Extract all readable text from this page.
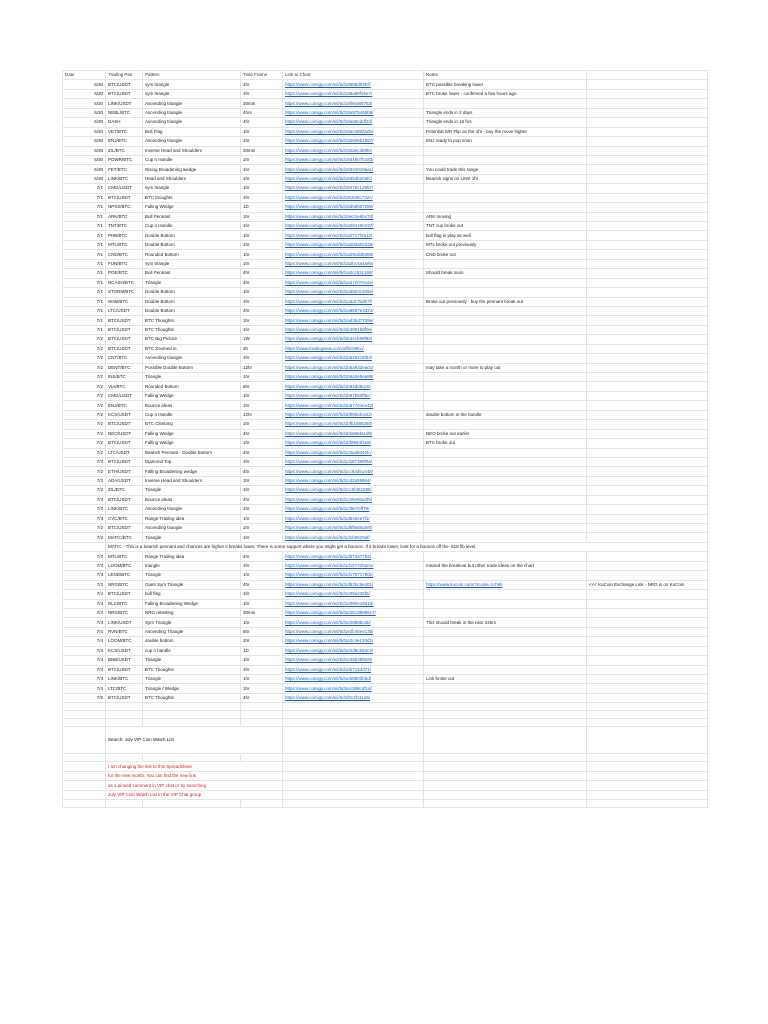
Date	Trading Pair	Pattern	Time Frame	Link to Chart	Notes	
6/30	BTC/USDT	sym triangle	1hr	https://www.coinigy.com/s/i/5d18686d03fcf/	BTC possible breaking lower	
6/30	BTC/USDT	sym triangle	1hr	https://www.coinigy.com/s/i/5d188a88f36e7/	BTC broke lower - confirmed a few hours ago	
6/30	LINK/USDT	Ascending triangle	30min	https://www.coinigy.com/s/i/5d18f90a68753/		
6/30	NEBL/BTC	Ascending triangle	4hrs	https://www.coinigy.com/s/i/5d18a97546bb8/	Triangle ends in 2 days	
6/30	DASH	Ascending triangle	4hr	https://www.coinigy.com/s/i/5d18aa6eddf2d/	Triangle ends in 16 hrs	
6/30	VET/BTC	Bull Flag	1hr	https://www.coinigy.com/s/i/5d18ac5982ade/	Potential S/R Flip on the 1hr - buy the move higher	
6/30	ENJ/BTC	Ascending triangle	1hr	https://www.coinigy.com/s/i/5d192606b1887/	ENJ ready to pop soon	
6/30	ZIL/BTC	Inverse Head and Shoulders	30min	https://www.coinigy.com/s/i/5d192aec3b9fe/		
6/30	POWR/BTC	Cup n Handle	1hr	https://www.coinigy.com/s/i/5d1931607b183/		
6/30	FET/BTC	Rising Broadening wedge	1hr	https://www.coinigy.com/s/i/5d19334919aac/	You could trade this range	
6/30	LINK/BTC	Head and Shoulders	1hr	https://www.coinigy.com/s/i/5d19354b20afc/	Bearish signs on LINK 1hr	
7/1	CMG/USDT	sym triangle	1hr	https://www.coinigy.com/s/i/5d19476c12957/		
7/1	BTC/USDT	BTC thoughts	1hr	https://www.coinigy.com/s/i/5d19c626c732c/		
7/1	NPXS/BTC	Falling Wedge	1D	https://www.coinigy.com/s/i/5d19d9d90728e/		
7/1	ARK/BTC	Bull Pennant	1hr	https://www.coinigy.com/s/i/5d19e21e6bc7d/	ARK moving	
7/1	TNT/BTC	Cup n Handle	1hr	https://www.coinigy.com/s/i/5d1a28440e237/	TNT cup broke out	
7/1	PHB/BTC	Double Bottom	1hr	https://www.coinigy.com/s/i/5d1a2717f2512/	bull flag in play as well	
7/1	MTL/BTC	Double Bottom	1hr	https://www.coinigy.com/s/i/5d1a283a02226/	MTL broke out previously	
7/1	CND/BTC	Rounded Bottom	1hr	https://www.coinigy.com/s/i/5d1a29cdd6389/	CND broke out	
7/1	FUN/BTC	sym triangle	1hr	https://www.coinigy.com/s/i/5d1a2bc4a4aeb/		
7/1	POE/BTC	Bull Pennant	4hr	https://www.coinigy.com/s/i/5d1a2cc53c165/	Should break soon	
7/1	NCASH/BTC	Triangle	4hr	https://www.coinigy.com/s/i/5d1a37e07ecae/		
7/1	STORM/BTC	Double Bottom	1hr	https://www.coinigy.com/s/i/5d1a3803c355e/		
7/1	WAB/BTC	Double Bottom	1hr	https://www.coinigy.com/s/i/5d1a3dc7bd67f/	Broke out previously - buy the pennant break out	
7/1	LTC/USDT	Double Bottom	4hr	https://www.coinigy.com/s/i/5d1a8657e3321/		
7/1	BTC/USDT	BTC Thoughts	1hr	https://www.coinigy.com/s/i/5d1ad3bd7738e/		
7/1	BTC/USDT	BTC Thoughts	1hr	https://www.coinigy.com/s/i/5d1b4891b8f0e/		
7/2	BTC/USDT	BTC Big Picture	1W	https://www.coinigy.com/s/i/5d1b4ecb99f82/		
7/2	BTC/USDT	BTC Zoomed in	3h	https://www.tradingview.com/x/fbCI9Ku/		
7/2	CNT/BTC	Ascending triangle	1hr	https://www.coinigy.com/s/i/5d1b6282c8f53/		
7/2	DENT/BTC	Possible Double Bottom	12hr	https://www.coinigy.com/s/i/5d1b5a933ea01/	may take a month or more to play out	
7/2	INS/BTC	Triangle	1hr	https://www.coinigy.com/s/i/5d1b6a3e9ea88/		
7/2	VIA/BTC	Rounded Bottom	6hr	https://www.coinigy.com/s/i/5d1b84d08ac0/		
7/2	CMG/USDT	Falling Wedge	1hr	https://www.coinigy.com/s/i/5d1b87b60ff6c/		
7/2	ENJ/BTC	Bounce ideas	1hr	https://www.coinigy.com/s/i/5d1b877e4ce42/		
7/2	KCS/USDT	Cup n Handle	12hr	https://www.coinigy.com/s/i/5d1bf06bdca42/	double bottom in the handle	
7/2	BTC/USDT	BTC Climbing	1hr	https://www.coinigy.com/s/i/5d1bfb1886250/		
7/2	NEO/USDT	Falling Wedge	4hr	https://www.coinigy.com/s/i/5d1bfa68da1d0/	NEO broke out earlier	
7/2	BTC/USDT	Falling Wedge	1hr	https://www.coinigy.com/s/i/5d1bf9984f2e8/	BTC broke out	
7/2	LTC/USDT	Bearish Pennant - Double Bottom	4hr	https://www.coinigy.com/s/i/5d1c0ad9440fc/		
7/3	BTC/USDT	Diamond Top	1hr	https://www.coinigy.com/s/i/5d1cb87399f0a/		
7/3	ETH/USDT	Falling Broadening wedge	4hr	https://www.coinigy.com/s/i/5d1cc93d51448/		
7/3	ADA/USDT	Inverse Head and Shoulders	1hr	https://www.coinigy.com/s/i/5d1cd2a59964/		
7/3	ZIL/BTC	Triangle	1hr	https://www.coinigy.com/s/i/5d1cc5f462298/		
7/3	BTC/USDT	Bounce ideas	4hr	https://www.coinigy.com/s/i/5d1ce5e6ba3f5/		
7/3	LINK/BTC	Ascending triangle	1hr	https://www.coinigy.com/s/i/5d1cf9e7eff79/		
7/3	CVC/BTC	Range Trading idea	1hr	https://www.coinigy.com/s/i/5d1d540ee7f1/		
7/3	BTC/USDT	Ascending triangle	1hr	https://www.coinigy.com/s/i/5d1d5f8a0a3e0/		
7/3	MATIC/BTC	Triangle	1hr	https://www.coinigy.com/s/i/5d1d1b0529af/		
	MATIC - This is a bearish pennant and chances are higher it breaks lower. There is some support where you might get a bounce. If it breaks lower, look for a bounce off the .618 fib level.					
7/3	MTL/BTC	Range Trading idea	4hr	https://www.coinigy.com/s/i/5d1d07347794/		
7/3	LOOM/BTC	triangle	1hr	https://www.coinigy.com/s/i/5d1d157425a01/	missed the breakout but other trade ideas on the chart	
7/3	LEND/BTC	Triangle	1hr	https://www.coinigy.com/s/i/5d1d1757179dc/		
7/3	NRG/BTC	Giant Sym Triangle	4hr	https://www.coinigy.com/s/i/5d1d52bc8e401/	https://www.kucoin.com/?rcode=1chi8i	<<< KuCoin Exchange Link - NRG is on KuCoin
7/4	BTC/USDT	bull flag	1hr	https://www.coinigy.com/s/i/5d1e08a236f5/		
7/4	RLC/BTC	Falling Broadening Wedge	1hr	https://www.coinigy.com/s/i/5d1e080e18313/		
7/4	NRG/BTC	NRG retesting	30min	https://www.coinigy.com/s/i/5d1e26138986c7/		
7/4	LINK/USDT	Sym Triangle	1hr	https://www.coinigy.com/s/i/5d1e28b8bcab/	This should break in the next 24hrs	
7/4	RVN/BTC	Ascending Triangle	6hr	https://www.coinigy.com/s/i/5d1e2b45e4135/		
7/4	LOOM/BTC	double bottom	1hr	https://www.coinigy.com/s/i/5d1e2c4e133d1/		
7/4	KCS/USDT	cup n handle	1D	https://www.coinigy.com/s/i/5d1e2d8c553c3/		
7/4	BNB/USDT	Triangle	1hr	https://www.coinigy.com/s/i/5d1e38b35f600/		
7/4	BTC/USDT	BTC Thoughts	1hr	https://www.coinigy.com/s/i/5d1eb7153d71/		
7/4	LINK/BTC	Triangle	1hr	https://www.coinigy.com/s/i/5d1eb8903bbd/	Link broke out	
7/4	LTC/BTC	Triangle / Wedge	1hr	https://www.coinigy.com/s/i/5d1ec388c4f1d/		
7/5	BTC/USDT	BTC Thoughts	4hr	https://www.coinigy.com/s/i/5d1f0c2f111a5/		

	Search: July VIP Coin Watch List					

	I am changing the link to this Spreadsheet					
	for the new month. You can find the new link					
	as a pinned comment in VIP chat or by searching					
	July VIP Coin Watch List in the VIP Chat group					
